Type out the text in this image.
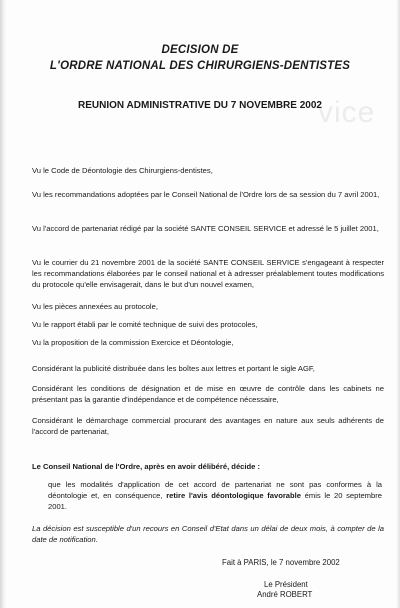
vice
DECISION DE
L'ORDRE NATIONAL DES CHIRURGIENS-DENTISTES
REUNION ADMINISTRATIVE DU 7 NOVEMBRE 2002
Vu le Code de Déontologie des Chirurgiens-dentistes,
Vu les recommandations adoptées par le Conseil National de l'Ordre lors de sa session du 7 avril 2001,
Vu l'accord de partenariat rédigé par la société SANTE CONSEIL SERVICE et adressé le 5 juillet 2001,
Vu le courrier du 21 novembre 2001 de la société SANTE CONSEIL SERVICE s'engageant à respecter les recommandations élaborées par le conseil national et à adresser préalablement toutes modifications du protocole qu'elle envisagerait, dans le but d'un nouvel examen,
Vu les pièces annexées au protocole,
Vu le rapport établi par le comité technique de suivi des protocoles,
Vu la proposition de la commission Exercice et Déontologie,
Considérant la publicité distribuée dans les boîtes aux lettres et portant le sigle AGF,
Considérant les conditions de désignation et de mise en œuvre de contrôle dans les cabinets ne présentant pas la garantie d'indépendance et de compétence nécessaire,
Considérant le démarchage commercial procurant des avantages en nature aux seuls adhérents de l'accord de partenariat,
Le Conseil National de l'Ordre, après en avoir délibéré, décide :
que les modalités d'application de cet accord de partenariat ne sont pas conformes à la déontologie et, en conséquence, retire l'avis déontologique favorable émis le 20 septembre 2001.
La décision est susceptible d'un recours en Conseil d'Etat dans un délai de deux mois, à compter de la date de notification.
Fait à PARIS, le 7 novembre 2002
Le Président
André ROBERT
